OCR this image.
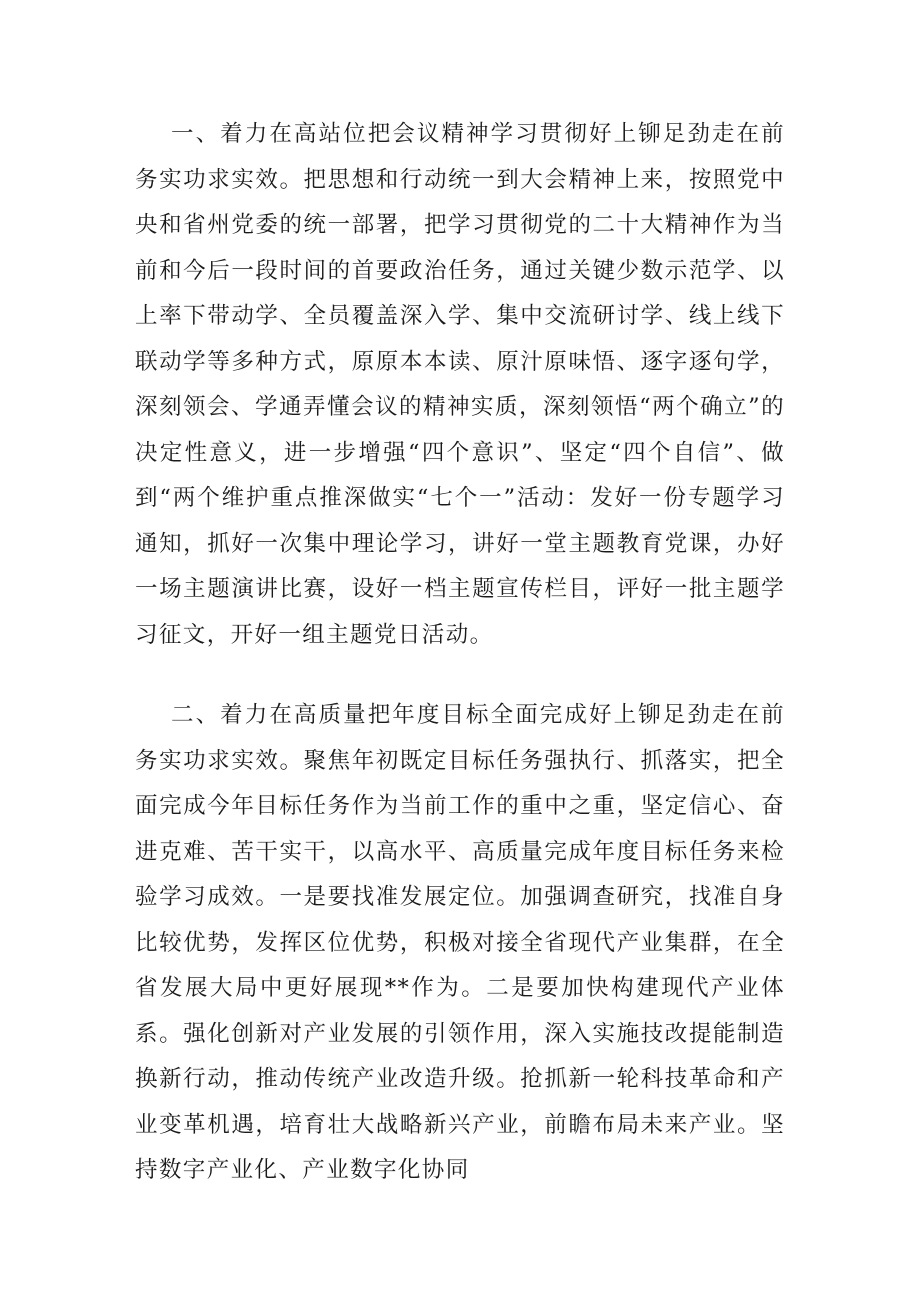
一、着力在高站位把会议精神学习贯彻好上铆足劲走在前务实功求实效。把思想和行动统一到大会精神上来，按照党中央和省州党委的统一部署，把学习贯彻党的二十大精神作为当前和今后一段时间的首要政治任务，通过关键少数示范学、以上率下带动学、全员覆盖深入学、集中交流研讨学、线上线下联动学等多种方式，原原本本读、原汁原味悟、逐字逐句学，深刻领会、学通弄懂会议的精神实质，深刻领悟“两个确立”的决定性意义，进一步增强“四个意识”、坚定“四个自信”、做到“两个维护重点推深做实“七个一”活动：发好一份专题学习通知，抓好一次集中理论学习，讲好一堂主题教育党课，办好一场主题演讲比赛，设好一档主题宣传栏目，评好一批主题学习征文，开好一组主题党日活动。

二、着力在高质量把年度目标全面完成好上铆足劲走在前务实功求实效。聚焦年初既定目标任务强执行、抓落实，把全面完成今年目标任务作为当前工作的重中之重，坚定信心、奋进克难、苦干实干，以高水平、高质量完成年度目标任务来检验学习成效。一是要找准发展定位。加强调查研究，找准自身比较优势，发挥区位优势，积极对接全省现代产业集群，在全省发展大局中更好展现**作为。二是要加快构建现代产业体系。强化创新对产业发展的引领作用，深入实施技改提能制造换新行动，推动传统产业改造升级。抢抓新一轮科技革命和产业变革机遇，培育壮大战略新兴产业，前瞻布局未来产业。坚持数字产业化、产业数字化协同
